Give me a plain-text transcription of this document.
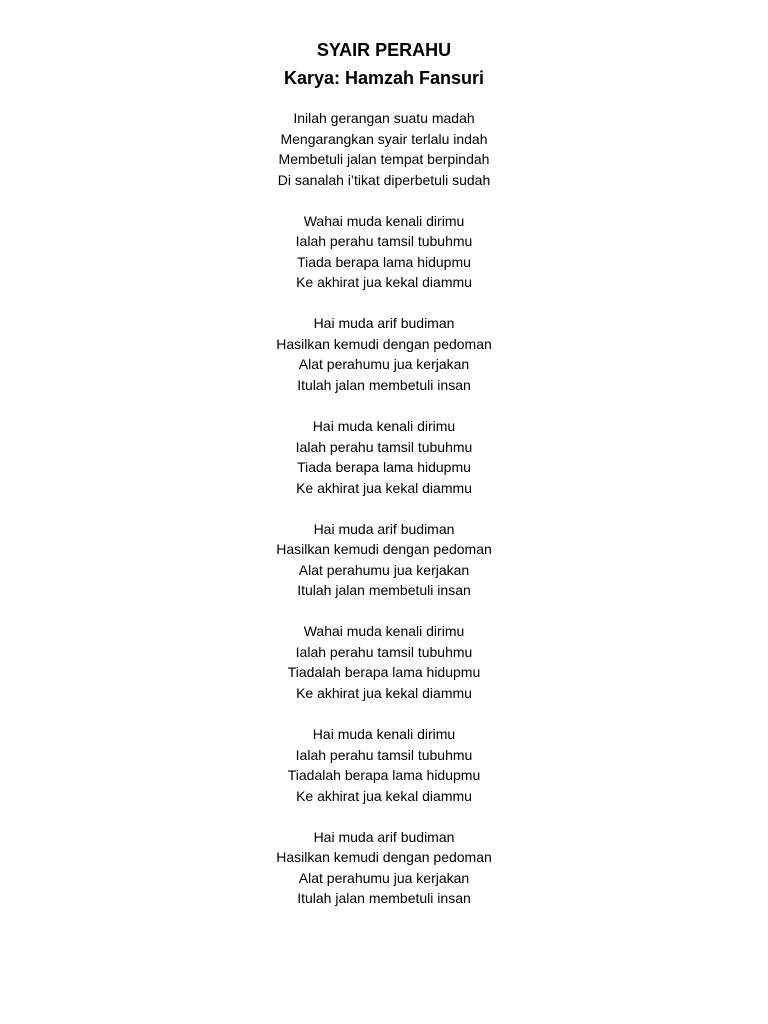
SYAIR PERAHU
Karya: Hamzah Fansuri
Inilah gerangan suatu madah
Mengarangkan syair terlalu indah
Membetuli jalan tempat berpindah
Di sanalah i’tikat diperbetuli sudah
Wahai muda kenali dirimu
Ialah perahu tamsil tubuhmu
Tiada berapa lama hidupmu
Ke akhirat jua kekal diammu
Hai muda arif budiman
Hasilkan kemudi dengan pedoman
Alat perahumu jua kerjakan
Itulah jalan membetuli insan
Hai muda kenali dirimu
Ialah perahu tamsil tubuhmu
Tiada berapa lama hidupmu
Ke akhirat jua kekal diammu
Hai muda arif budiman
Hasilkan kemudi dengan pedoman
Alat perahumu jua kerjakan
Itulah jalan membetuli insan
Wahai muda kenali dirimu
Ialah perahu tamsil tubuhmu
Tiadalah berapa lama hidupmu
Ke akhirat jua kekal diammu
Hai muda kenali dirimu
Ialah perahu tamsil tubuhmu
Tiadalah berapa lama hidupmu
Ke akhirat jua kekal diammu
Hai muda arif budiman
Hasilkan kemudi dengan pedoman
Alat perahumu jua kerjakan
Itulah jalan membetuli insan
